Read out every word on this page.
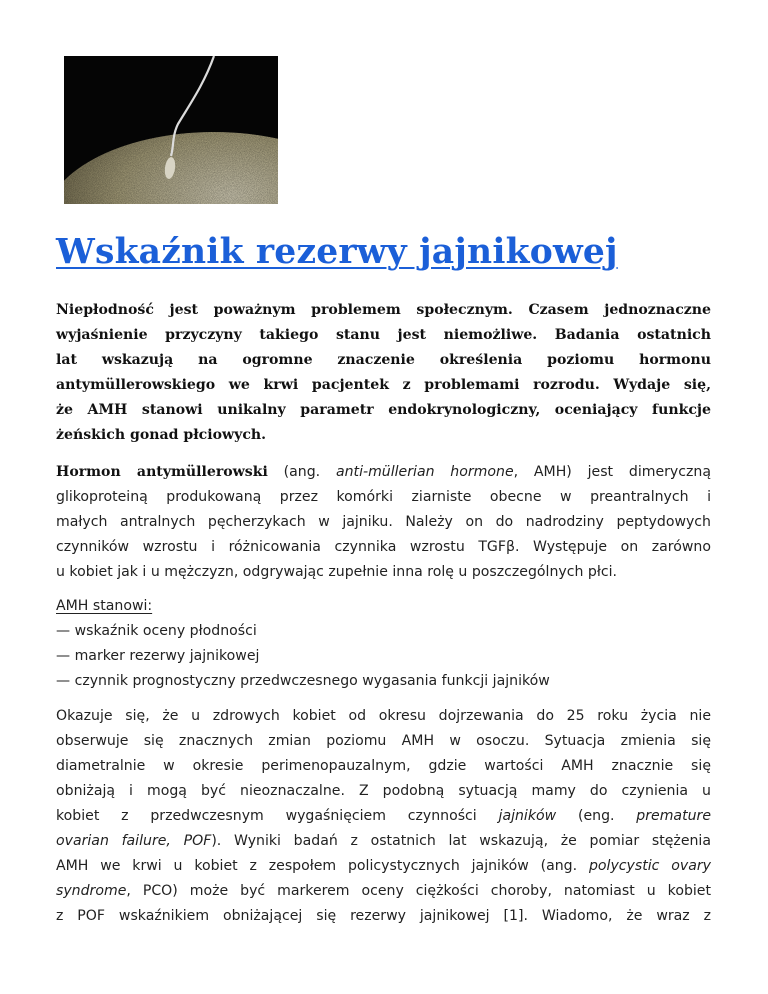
Wskaźnik rezerwy jajnikowej

Niepłodność jest poważnym problemem społecznym. Czasem jednoznaczne
wyjaśnienie przyczyny takiego stanu jest niemożliwe. Badania ostatnich
lat wskazują na ogromne znaczenie określenia poziomu hormonu
antymüllerowskiego we krwi pacjentek z problemami rozrodu. Wydaje się,
że AMH stanowi unikalny parametr endokrynologiczny, oceniający funkcje
żeńskich gonad płciowych.

Hormon antymüllerowski (ang. anti-müllerian hormone, AMH) jest dimeryczną
glikoproteiną produkowaną przez komórki ziarniste obecne w preantralnych i
małych antralnych pęcherzykach w jajniku. Należy on do nadrodziny peptydowych
czynników wzrostu i różnicowania czynnika wzrostu TGFβ. Występuje on zarówno
u kobiet jak i u mężczyzn, odgrywając zupełnie inna rolę u poszczególnych płci.

AMH stanowi:
— wskaźnik oceny płodności
— marker rezerwy jajnikowej
— czynnik prognostyczny przedwczesnego wygasania funkcji jajników

Okazuje się, że u zdrowych kobiet od okresu dojrzewania do 25 roku życia nie
obserwuje się znacznych zmian poziomu AMH w osoczu. Sytuacja zmienia się
diametralnie w okresie perimenopauzalnym, gdzie wartości AMH znacznie się
obniżają i mogą być nieoznaczalne. Z podobną sytuacją mamy do czynienia u
kobiet z przedwczesnym wygaśnięciem czynności jajników (eng. premature
ovarian failure, POF). Wyniki badań z ostatnich lat wskazują, że pomiar stężenia
AMH we krwi u kobiet z zespołem policystycznych jajników (ang. polycystic ovary
syndrome, PCO) może być markerem oceny ciężkości choroby, natomiast u kobiet
z POF wskaźnikiem obniżającej się rezerwy jajnikowej [1]. Wiadomo, że wraz z
